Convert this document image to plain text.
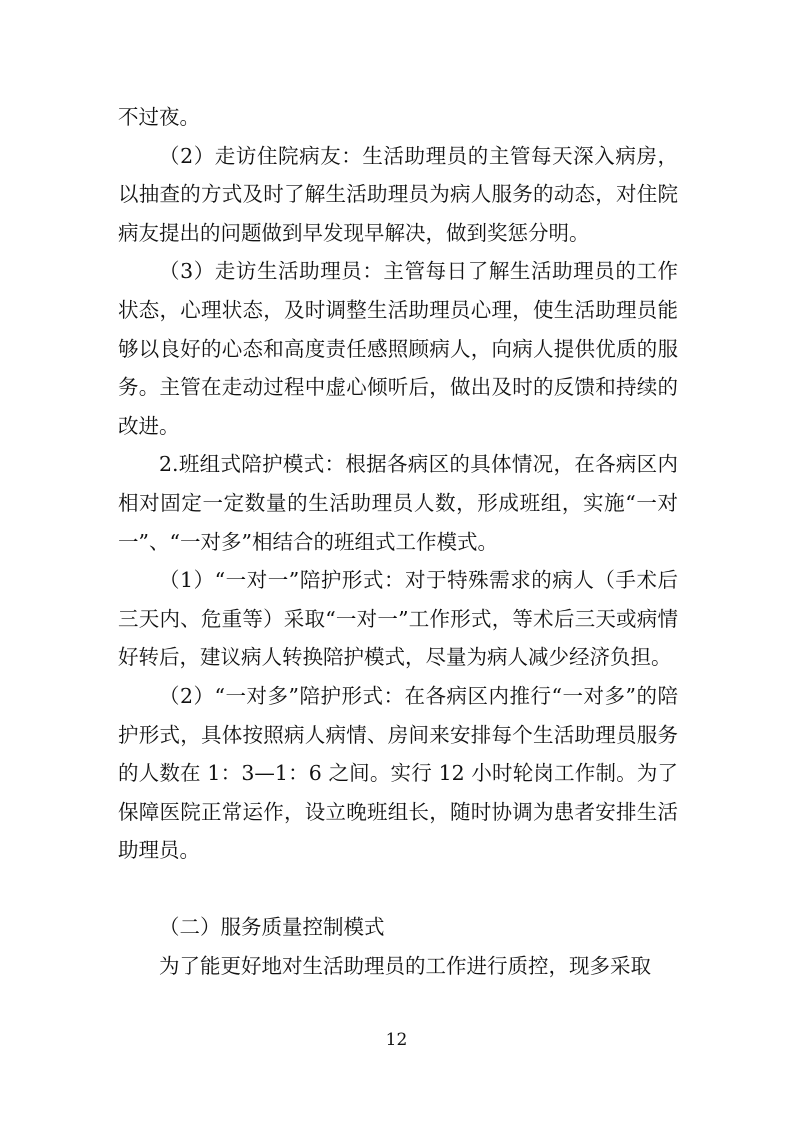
不过夜。

（2）走访住院病友：生活助理员的主管每天深入病房，以抽查的方式及时了解生活助理员为病人服务的动态，对住院病友提出的问题做到早发现早解决，做到奖惩分明。

（3）走访生活助理员：主管每日了解生活助理员的工作状态，心理状态，及时调整生活助理员心理，使生活助理员能够以良好的心态和高度责任感照顾病人，向病人提供优质的服务。主管在走动过程中虚心倾听后，做出及时的反馈和持续的改进。

2.班组式陪护模式：根据各病区的具体情况，在各病区内相对固定一定数量的生活助理员人数，形成班组，实施“一对一”、“一对多”相结合的班组式工作模式。

（1）“一对一”陪护形式：对于特殊需求的病人（手术后三天内、危重等）采取“一对一”工作形式，等术后三天或病情好转后，建议病人转换陪护模式，尽量为病人减少经济负担。

（2）“一对多”陪护形式：在各病区内推行“一对多”的陪护形式，具体按照病人病情、房间来安排每个生活助理员服务的人数在 1：3—1：6 之间。实行 12 小时轮岗工作制。为了保障医院正常运作，设立晚班组长，随时协调为患者安排生活助理员。

（二）服务质量控制模式

为了能更好地对生活助理员的工作进行质控，现多采取

12
